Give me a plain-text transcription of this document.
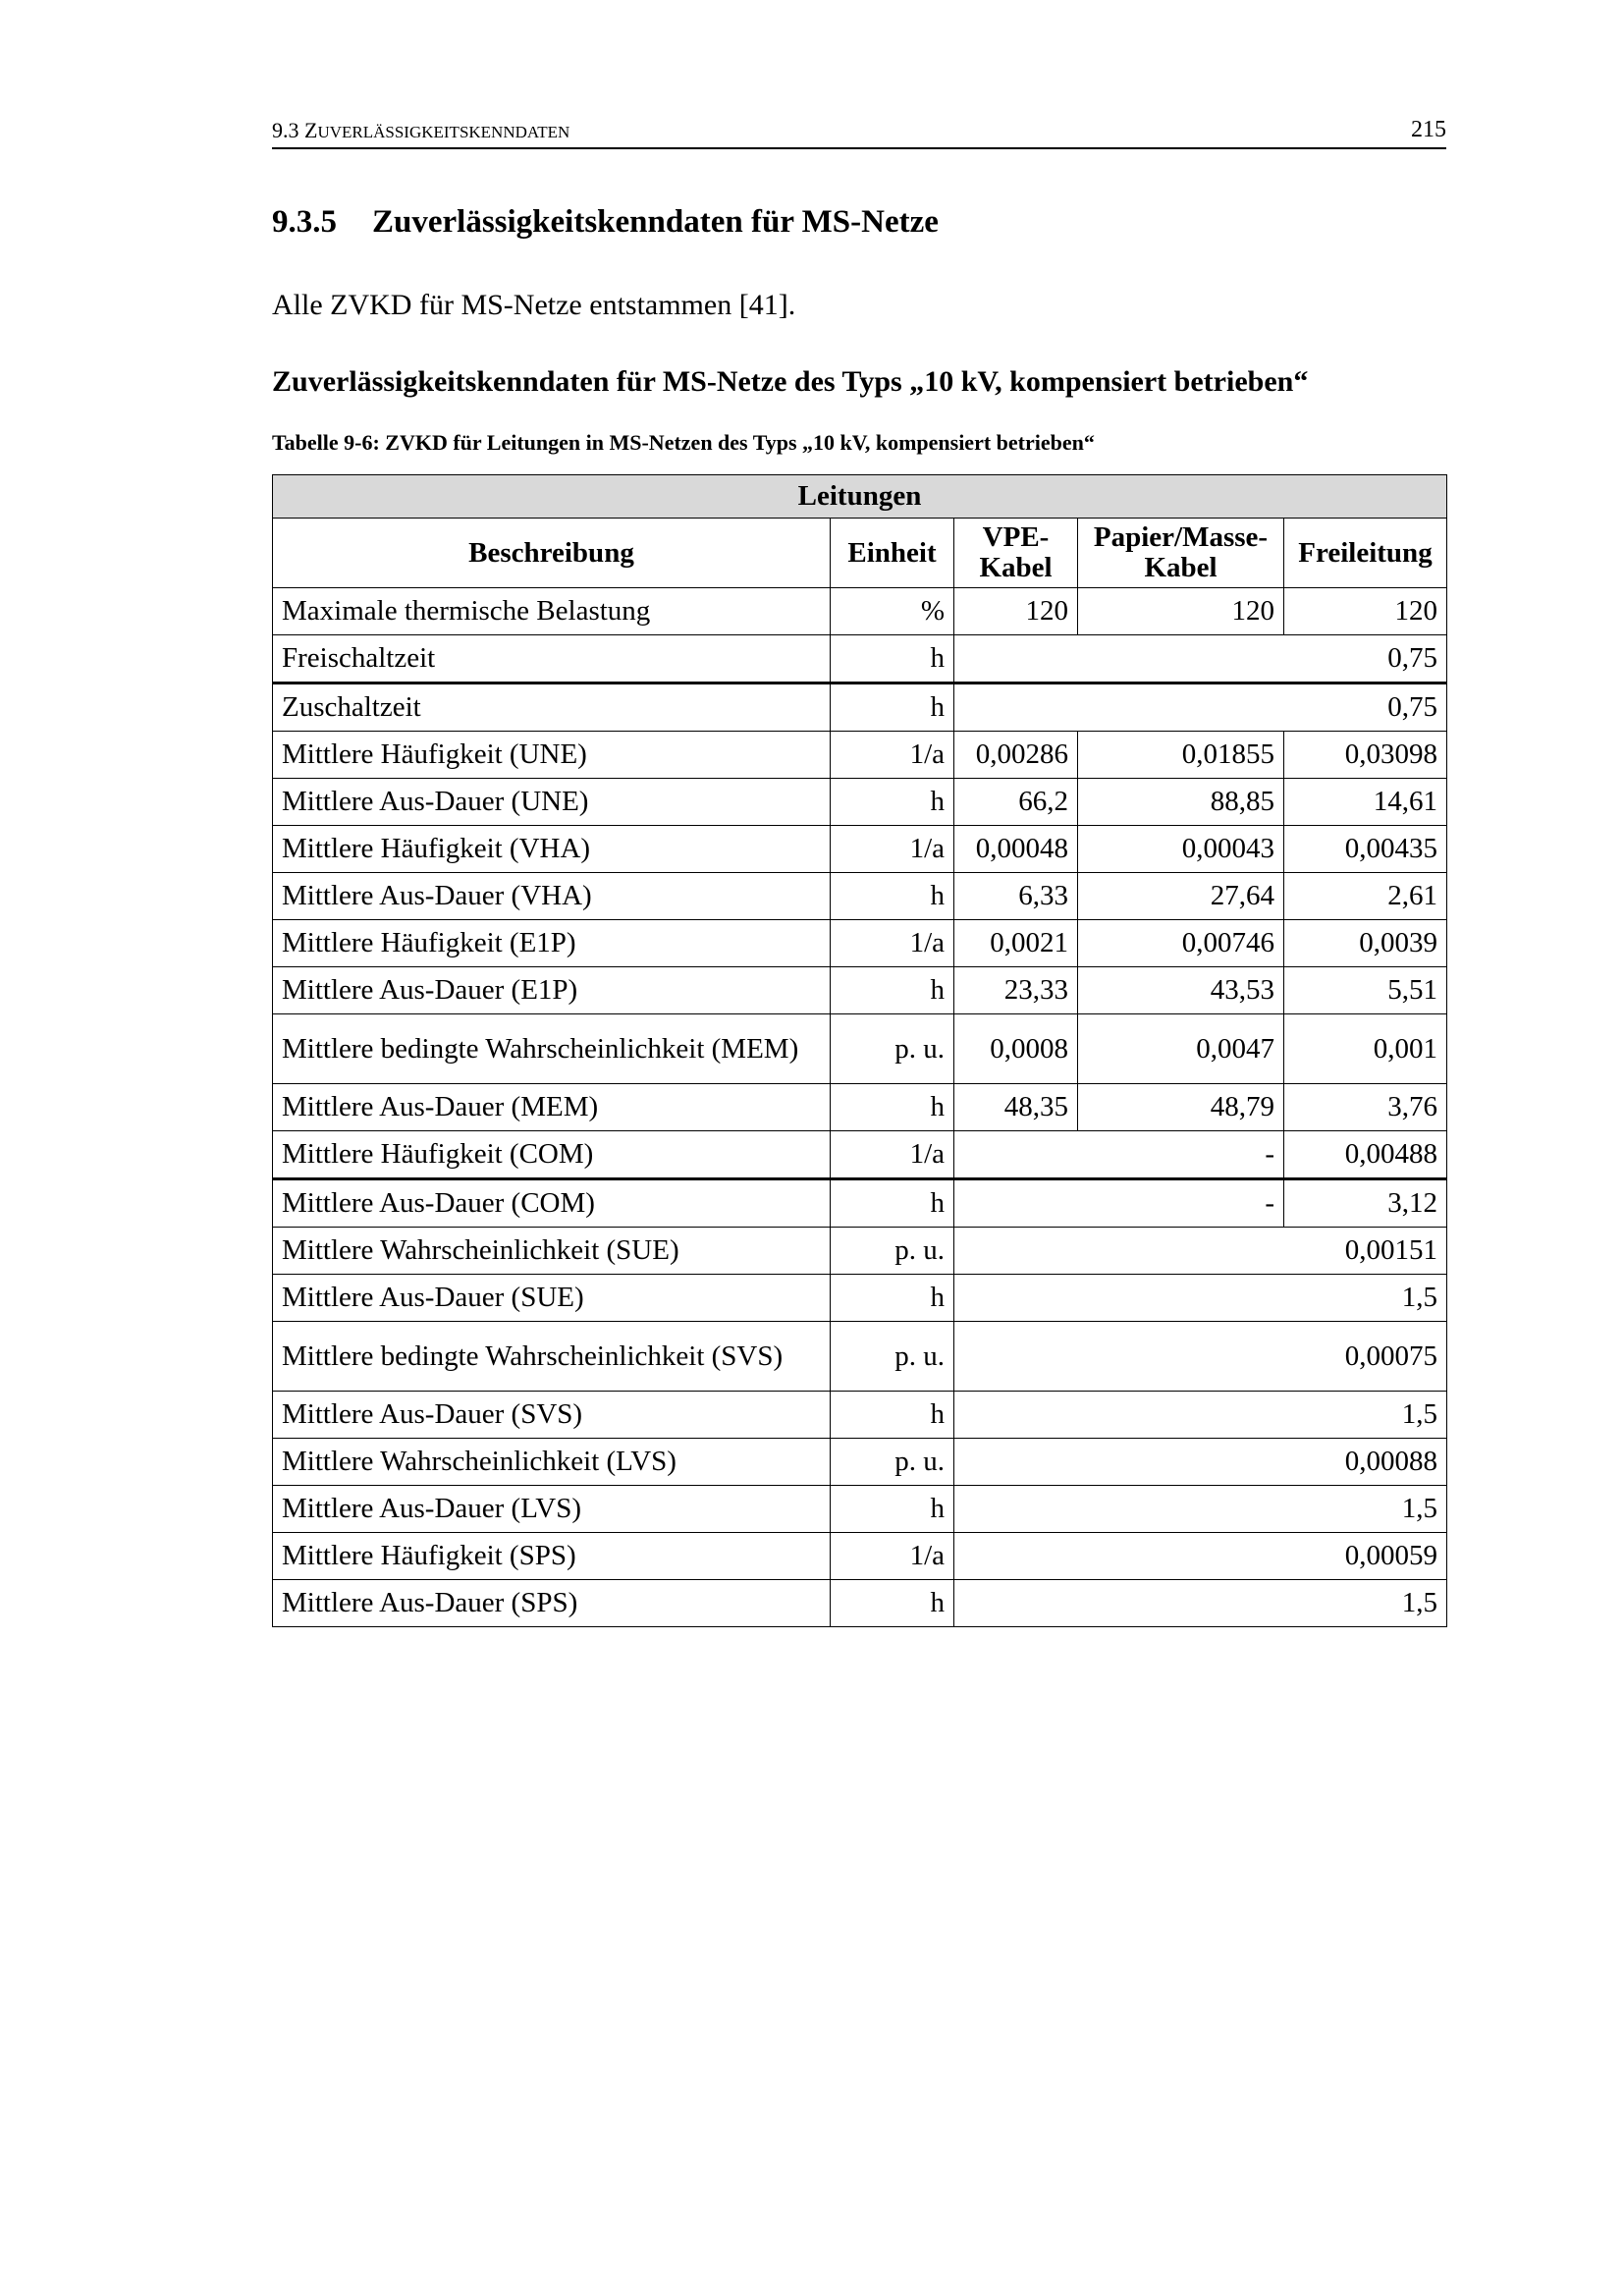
9.3 ZUVERLÄSSIGKEITSKENNDATEN	215
9.3.5 Zuverlässigkeitskenndaten für MS-Netze
Alle ZVKD für MS-Netze entstammen [41].
Zuverlässigkeitskenndaten für MS-Netze des Typs „10 kV, kompensiert betrieben“
Tabelle 9-6: ZVKD für Leitungen in MS-Netzen des Typs „10 kV, kompensiert betrieben“
Leitungen				
Beschreibung	Einheit	VPE-Kabel	Papier/Masse-Kabel	Freileitung
Maximale thermische Belastung	%	120	120	120
Freischaltzeit	h	0,75		
Zuschaltzeit	h	0,75		
Mittlere Häufigkeit (UNE)	1/a	0,00286	0,01855	0,03098
Mittlere Aus-Dauer (UNE)	h	66,2	88,85	14,61
Mittlere Häufigkeit (VHA)	1/a	0,00048	0,00043	0,00435
Mittlere Aus-Dauer (VHA)	h	6,33	27,64	2,61
Mittlere Häufigkeit (E1P)	1/a	0,0021	0,00746	0,0039
Mittlere Aus-Dauer (E1P)	h	23,33	43,53	5,51
Mittlere bedingte Wahrscheinlichkeit (MEM)	p. u.	0,0008	0,0047	0,001
Mittlere Aus-Dauer (MEM)	h	48,35	48,79	3,76
Mittlere Häufigkeit (COM)	1/a	-		0,00488
Mittlere Aus-Dauer (COM)	h	-		3,12
Mittlere Wahrscheinlichkeit (SUE)	p. u.	0,00151		
Mittlere Aus-Dauer (SUE)	h	1,5		
Mittlere bedingte Wahrscheinlichkeit (SVS)	p. u.	0,00075		
Mittlere Aus-Dauer (SVS)	h	1,5		
Mittlere Wahrscheinlichkeit (LVS)	p. u.	0,00088		
Mittlere Aus-Dauer (LVS)	h	1,5		
Mittlere Häufigkeit (SPS)	1/a	0,00059		
Mittlere Aus-Dauer (SPS)	h	1,5		
